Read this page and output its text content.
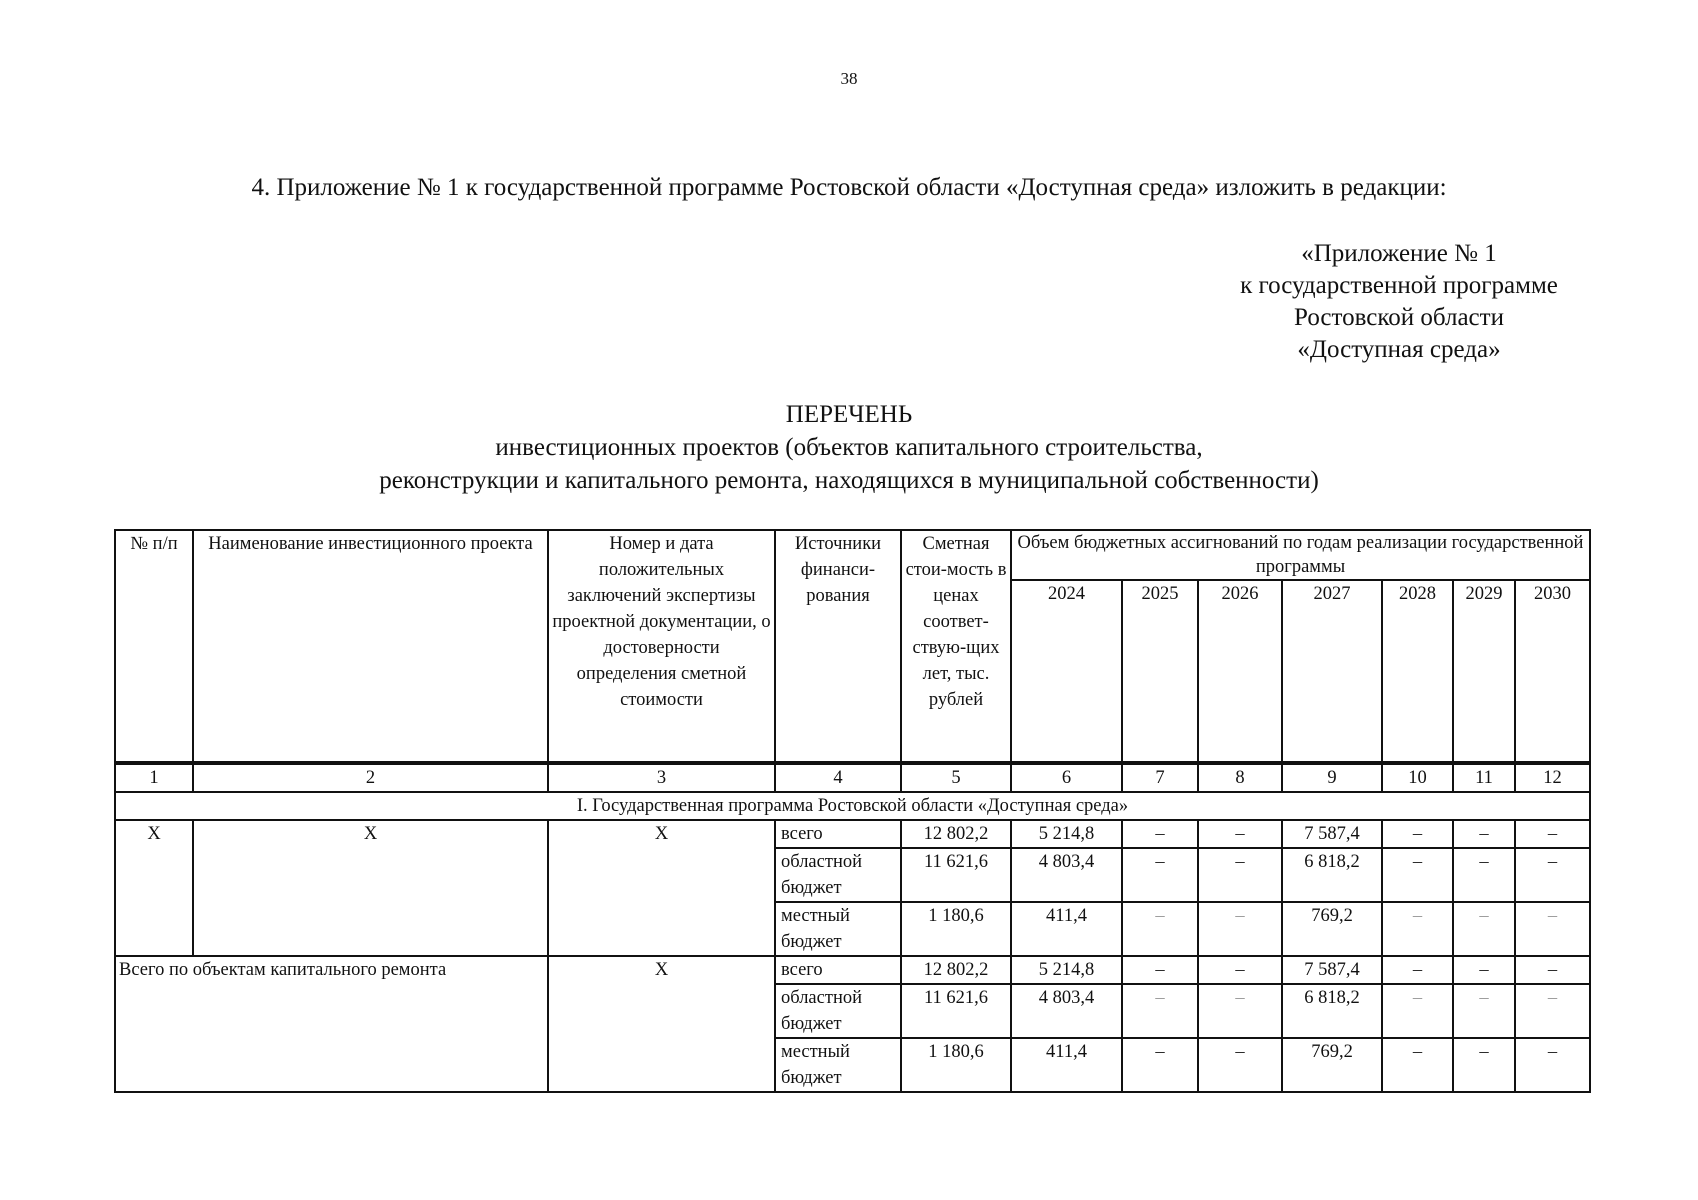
38
4. Приложение № 1 к государственной программе Ростовской области «Доступная среда» изложить в редакции:
«Приложение № 1
к государственной программе
Ростовской области
«Доступная среда»
ПЕРЕЧЕНЬ
инвестиционных проектов (объектов капитального строительства,
реконструкции и капитального ремонта, находящихся в муниципальной собственности)
№ п/п	Наименование инвестиционного проекта	Номер и дата положительных заключений экспертизы проектной документации, о достоверности определения сметной стоимости	Источники финанси-рования	Сметная стои-мость в ценах соответ-ствую-щих лет, тыс. рублей	Объем бюджетных ассигнований по годам реализации государственной программы						
					2024	2025	2026	2027	2028	2029	2030
1	2	3	4	5	6	7	8	9	10	11	12
I. Государственная программа Ростовской области «Доступная среда»											
X	X	X	всего	12 802,2	5 214,8	–	–	7 587,4	–	–	–
			областной бюджет	11 621,6	4 803,4	–	–	6 818,2	–	–	–
			местный бюджет	1 180,6	411,4	–	–	769,2	–	–	–
Всего по объектам капитального ремонта		X	всего	12 802,2	5 214,8	–	–	7 587,4	–	–	–
			областной бюджет	11 621,6	4 803,4	–	–	6 818,2	–	–	–
			местный бюджет	1 180,6	411,4	–	–	769,2	–	–	–
